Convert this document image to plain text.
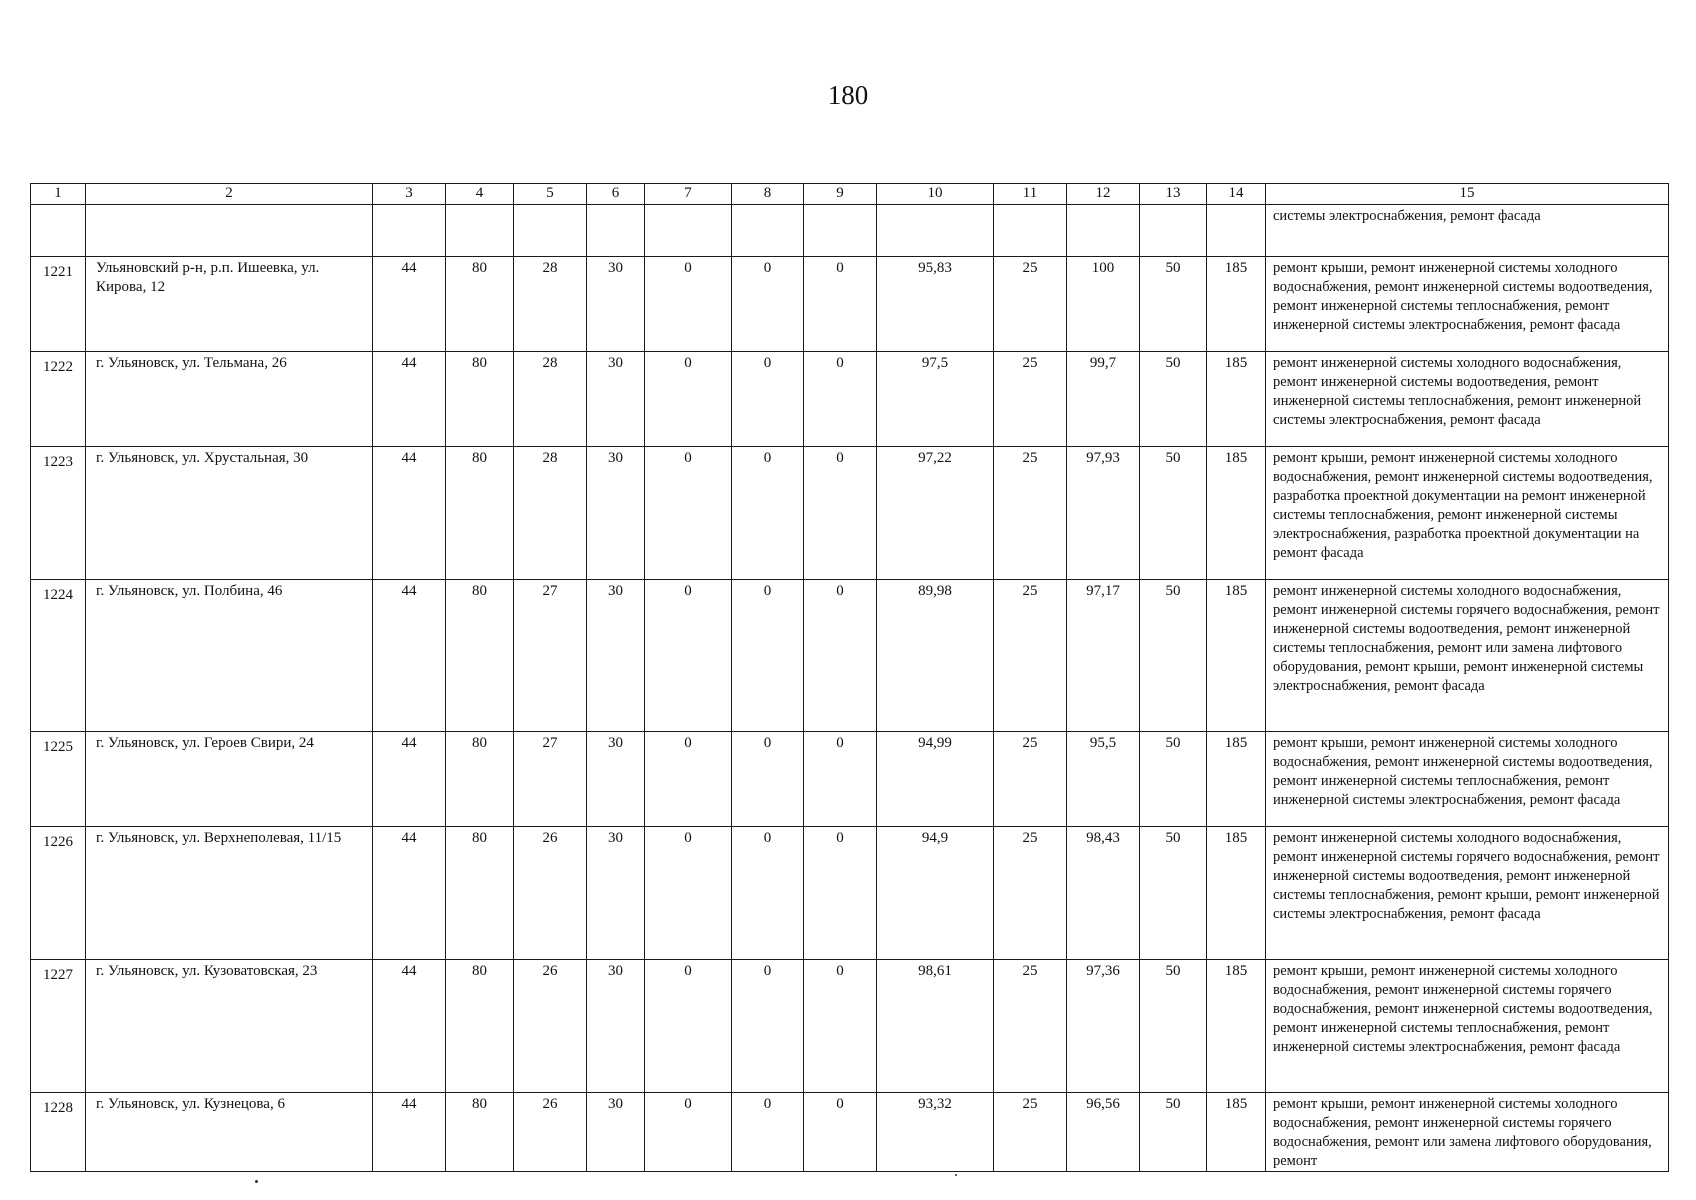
180
1	2	3	4	5	6	7	8	9	10	11	12	13	14	15
														системы электроснабжения, ремонт фасада
1221	Ульяновский р-н, р.п. Ишеевка, ул. Кирова, 12	44	80	28	30	0	0	0	95,83	25	100	50	185	ремонт крыши, ремонт инженерной системы холодного водоснабжения, ремонт инженерной системы водоотведения, ремонт инженерной системы теплоснабжения, ремонт инженерной системы электроснабжения, ремонт фасада
1222	г. Ульяновск, ул. Тельмана, 26	44	80	28	30	0	0	0	97,5	25	99,7	50	185	ремонт инженерной системы холодного водоснабжения, ремонт инженерной системы водоотведения, ремонт инженерной системы теплоснабжения, ремонт инженерной системы электроснабжения, ремонт фасада
1223	г. Ульяновск, ул. Хрустальная, 30	44	80	28	30	0	0	0	97,22	25	97,93	50	185	ремонт крыши, ремонт инженерной системы холодного водоснабжения, ремонт инженерной системы водоотведения, разработка проектной документации на ремонт инженерной системы теплоснабжения, ремонт инженерной системы электроснабжения, разработка проектной документации на ремонт фасада
1224	г. Ульяновск, ул. Полбина, 46	44	80	27	30	0	0	0	89,98	25	97,17	50	185	ремонт инженерной системы холодного водоснабжения, ремонт инженерной системы горячего водоснабжения, ремонт инженерной системы водоотведения, ремонт инженерной системы теплоснабжения, ремонт или замена лифтового оборудования, ремонт крыши, ремонт инженерной системы электроснабжения, ремонт фасада
1225	г. Ульяновск, ул. Героев Свири, 24	44	80	27	30	0	0	0	94,99	25	95,5	50	185	ремонт крыши, ремонт инженерной системы холодного водоснабжения, ремонт инженерной системы водоотведения, ремонт инженерной системы теплоснабжения, ремонт инженерной системы электроснабжения, ремонт фасада
1226	г. Ульяновск, ул. Верхнеполевая, 11/15	44	80	26	30	0	0	0	94,9	25	98,43	50	185	ремонт инженерной системы холодного водоснабжения, ремонт инженерной системы горячего водоснабжения, ремонт инженерной системы водоотведения, ремонт инженерной системы теплоснабжения, ремонт крыши, ремонт инженерной системы электроснабжения, ремонт фасада
1227	г. Ульяновск, ул. Кузоватовская, 23	44	80	26	30	0	0	0	98,61	25	97,36	50	185	ремонт крыши, ремонт инженерной системы холодного водоснабжения, ремонт инженерной системы горячего водоснабжения, ремонт инженерной системы водоотведения, ремонт инженерной системы теплоснабжения, ремонт инженерной системы электроснабжения, ремонт фасада
1228	г. Ульяновск, ул. Кузнецова, 6	44	80	26	30	0	0	0	93,32	25	96,56	50	185	ремонт крыши, ремонт инженерной системы холодного водоснабжения, ремонт инженерной системы горячего водоснабжения, ремонт или замена лифтового оборудования, ремонт
